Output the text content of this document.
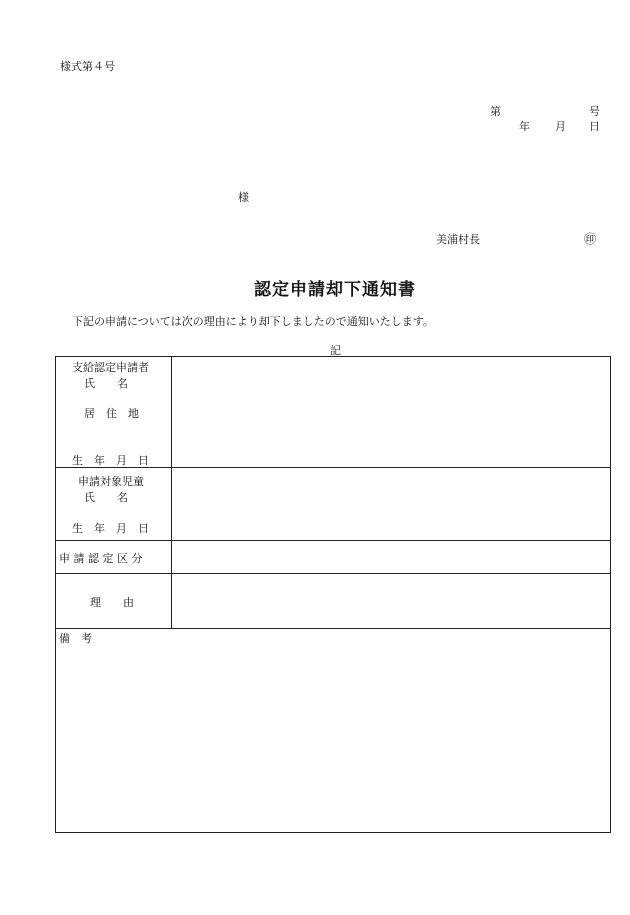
様式第４号
第	号
年 月 日
様
美浦村長	㊞
認定申請却下通知書
下記の申請については次の理由により却下しましたので通知いたします。
記
支給認定申請者
氏　　名
居　住　地
生　年　月　日
申請対象児童
氏　　名
生　年　月　日
申 請 認 定 区 分
理　　由
備　考
